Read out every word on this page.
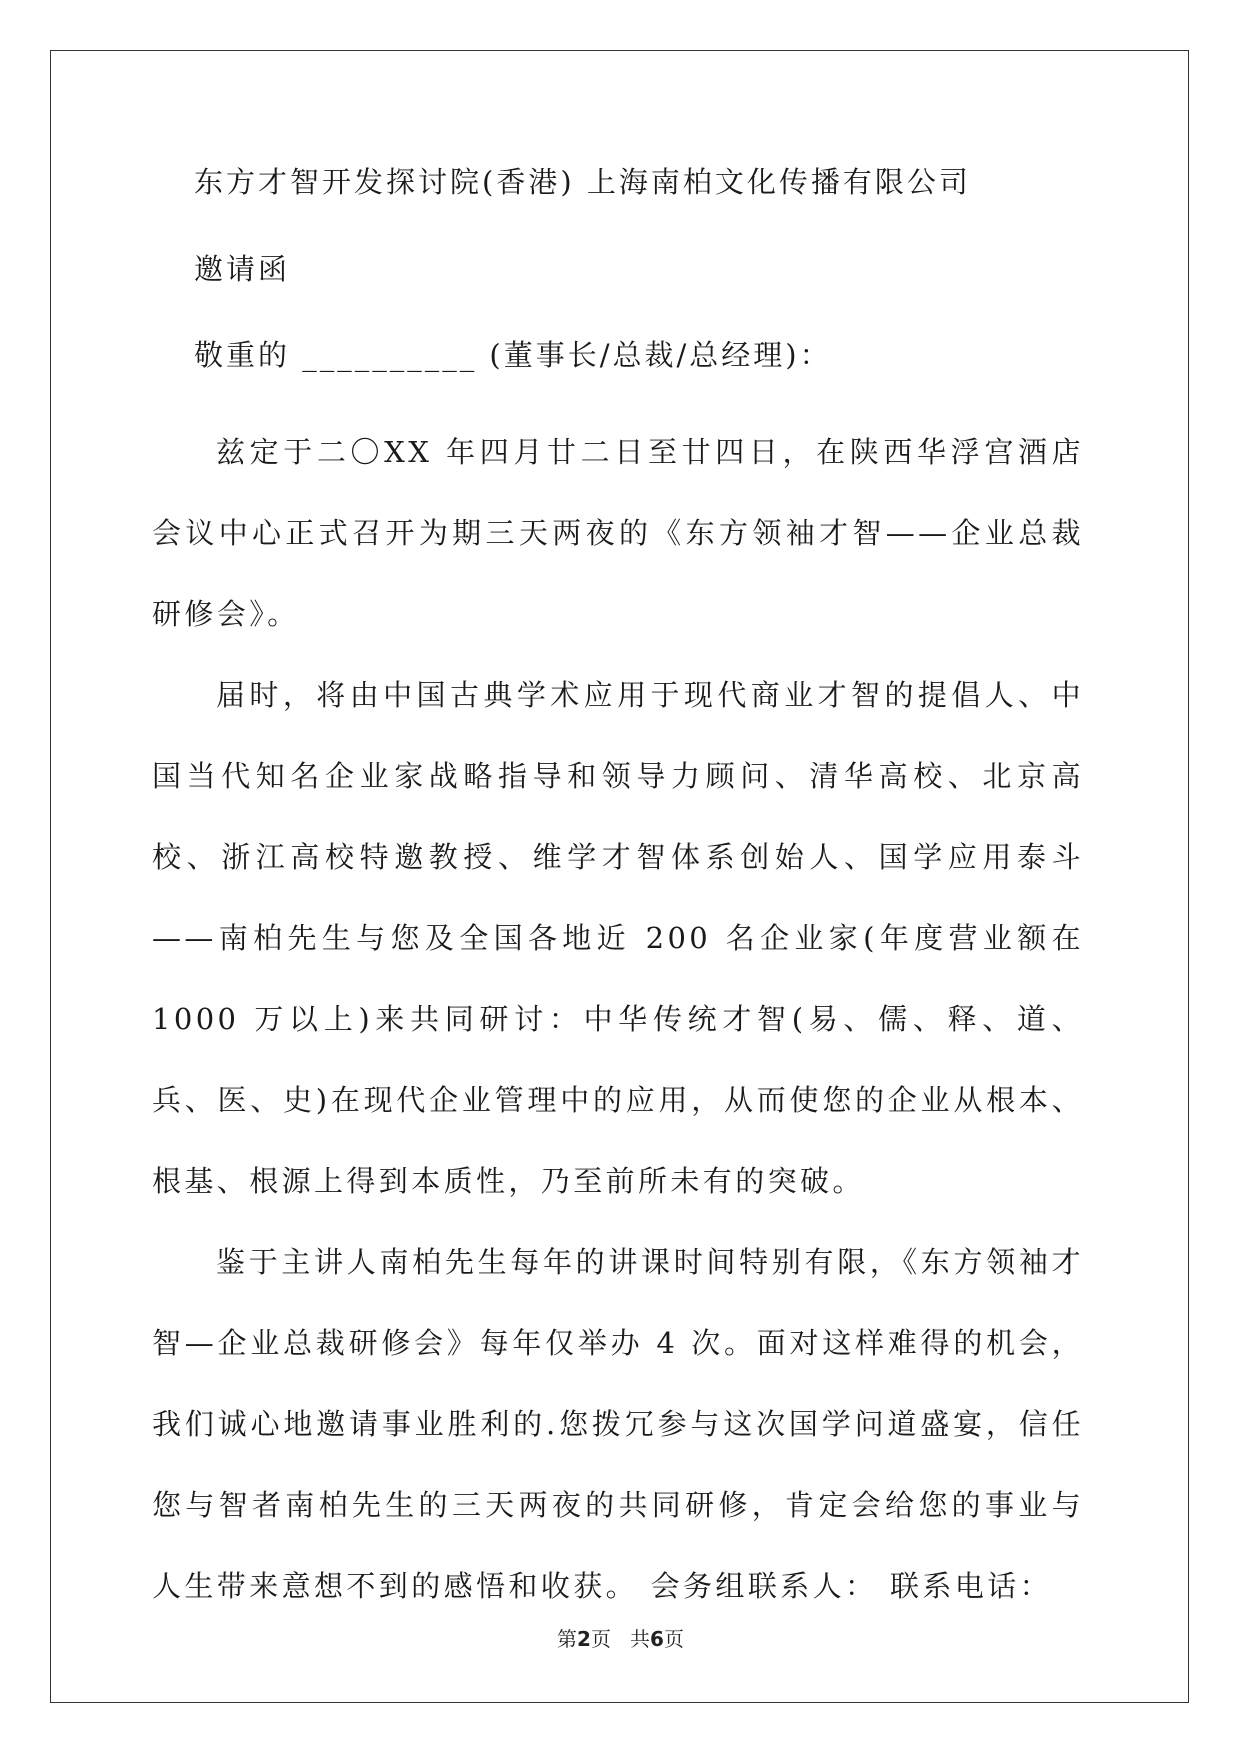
东方才智开发探讨院(香港) 上海南柏文化传播有限公司

邀请函

敬重的 __________ (董事长/总裁/总经理)：

兹定于二〇XX 年四月廿二日至廿四日，在陕西华浮宫酒店会议中心正式召开为期三天两夜的《东方领袖才智——企业总裁研修会》。

届时，将由中国古典学术应用于现代商业才智的提倡人、中国当代知名企业家战略指导和领导力顾问、清华高校、北京高校、浙江高校特邀教授、维学才智体系创始人、国学应用泰斗——南柏先生与您及全国各地近 200 名企业家(年度营业额在 1000 万以上)来共同研讨：中华传统才智(易、儒、释、道、兵、医、史)在现代企业管理中的应用，从而使您的企业从根本、根基、根源上得到本质性，乃至前所未有的突破。

鉴于主讲人南柏先生每年的讲课时间特别有限，《东方领袖才智—企业总裁研修会》每年仅举办 4 次。面对这样难得的机会，我们诚心地邀请事业胜利的.您拨冗参与这次国学问道盛宴，信任您与智者南柏先生的三天两夜的共同研修，肯定会给您的事业与人生带来意想不到的感悟和收获。 会务组联系人： 联系电话：

第2页 共6页
